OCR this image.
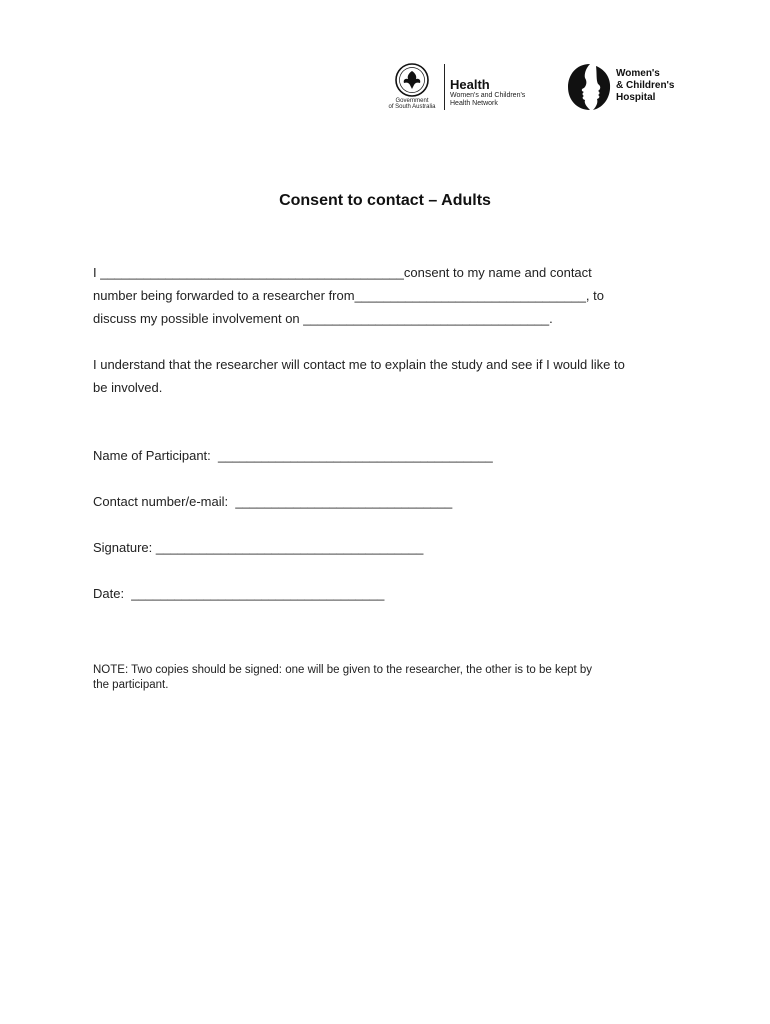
Government
of South Australia
Health
Women's and Children's
Health Network
Women's
& Children's
Hospital
Consent to contact – Adults
I __________________________________________consent to my name and contact
number being forwarded to a researcher from________________________________, to
discuss my possible involvement on __________________________________.
I understand that the researcher will contact me to explain the study and see if I would like to
be involved.
Name of Participant:  ______________________________________
Contact number/e-mail:  ______________________________
Signature: _____________________________________
Date:  ___________________________________
NOTE: Two copies should be signed: one will be given to the researcher, the other is to be kept by
the participant.
